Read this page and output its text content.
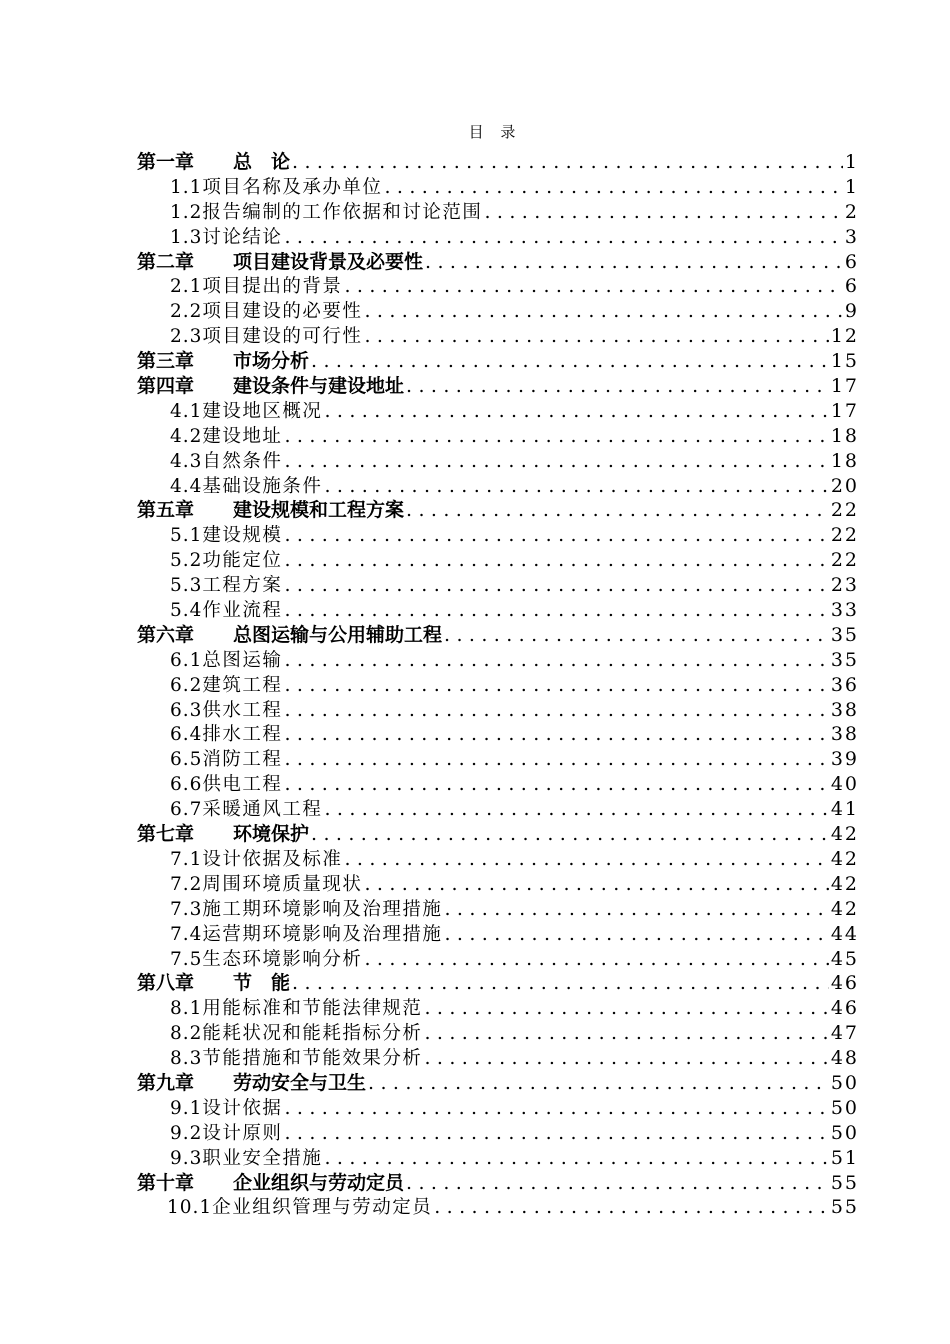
目 录
第一章 总　论 .....	1
1.1项目名称及承办单位 .....	1
1.2报告编制的工作依据和讨论范围 .....	2
1.3讨论结论 .....	3
第二章 项目建设背景及必要性 .....	6
2.1项目提出的背景 .....	6
2.2项目建设的必要性 .....	9
2.3项目建设的可行性 .....	12
第三章 市场分析 .....	15
第四章 建设条件与建设地址 .....	17
4.1建设地区概况 .....	17
4.2建设地址 .....	18
4.3自然条件 .....	18
4.4基础设施条件 .....	20
第五章 建设规模和工程方案 .....	22
5.1建设规模 .....	22
5.2功能定位 .....	22
5.3工程方案 .....	23
5.4作业流程 .....	33
第六章 总图运输与公用辅助工程 .....	35
6.1总图运输 .....	35
6.2建筑工程 .....	36
6.3供水工程 .....	38
6.4排水工程 .....	38
6.5消防工程 .....	39
6.6供电工程 .....	40
6.7采暖通风工程 .....	41
第七章 环境保护 .....	42
7.1设计依据及标准 .....	42
7.2周围环境质量现状 .....	42
7.3施工期环境影响及治理措施 .....	42
7.4运营期环境影响及治理措施 .....	44
7.5生态环境影响分析 .....	45
第八章 节　能 .....	46
8.1用能标准和节能法律规范 .....	46
8.2能耗状况和能耗指标分析 .....	47
8.3节能措施和节能效果分析 .....	48
第九章 劳动安全与卫生 .....	50
9.1设计依据 .....	50
9.2设计原则 .....	50
9.3职业安全措施 .....	51
第十章 企业组织与劳动定员 .....	55
10.1企业组织管理与劳动定员 .....	55
